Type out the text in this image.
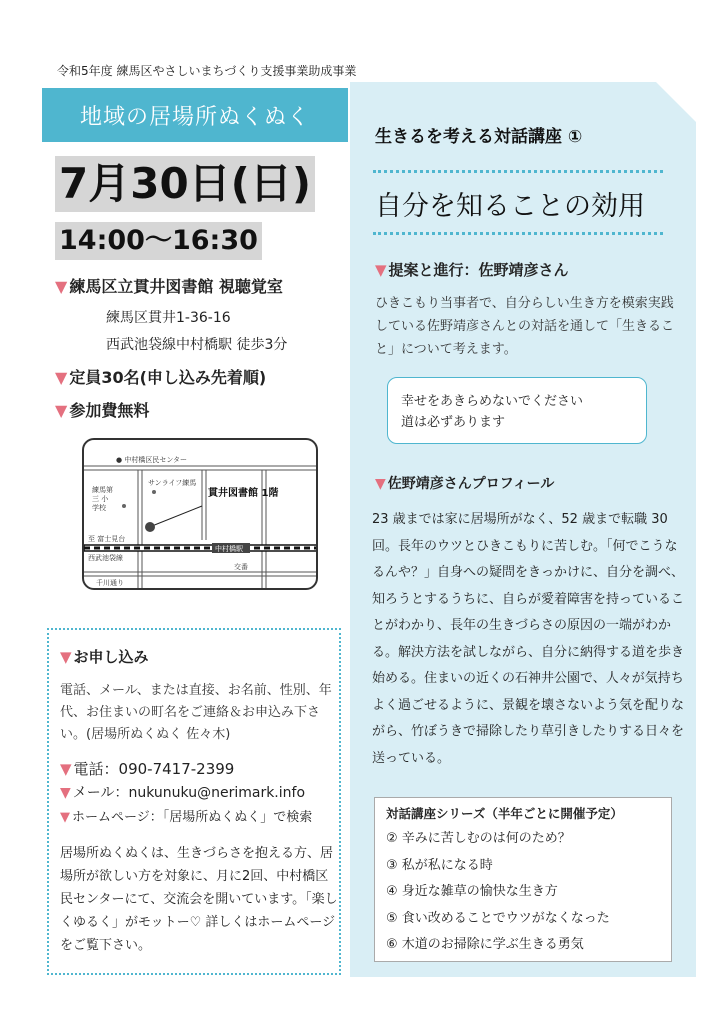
令和5年度 練馬区やさしいまちづくり支援事業助成事業
地域の居場所ぬくぬく
7月30日(日)
14:00〜16:30
▼ 練馬区立貫井図書館 視聴覚室
練馬区貫井1-36-16
西武池袋線中村橋駅 徒歩3分
▼ 定員30名(申し込み先着順)
▼ 参加費無料
● 中村橋区民センター
練馬第三 小学校
サンライフ練馬
貫井図書館 1階
至 富士見台
西武池袋線
中村橋駅
交番
千川通り
▼ お申し込み
電話、メール、または直接、お名前、性別、年代、お住まいの町名をご連絡＆お申込み下さい。(居場所ぬくぬく 佐々木)
▼ 電話：090-7417-2399
▼ メール：nukunuku@nerimark.info
▼ ホームページ：「居場所ぬくぬく」で検索
居場所ぬくぬくは、生きづらさを抱える方、居場所が欲しい方を対象に、月に2回、中村橋区民センターにて、交流会を開いています。「楽しくゆるく」がモットー♡ 詳しくはホームページをご覧下さい。
生きるを考える対話講座 ①
自分を知ることの効用
▼ 提案と進行：佐野靖彦さん
ひきこもり当事者で、自分らしい生き方を模索実践している佐野靖彦さんとの対話を通して「生きること」について考えます。
幸せをあきらめないでください
道は必ずあります
▼ 佐野靖彦さんプロフィール
23 歳までは家に居場所がなく、52 歳まで転職 30 回。長年のウツとひきこもりに苦しむ。「何でこうなるんや？」自身への疑問をきっかけに、自分を調べ、知ろうとするうちに、自らが愛着障害を持っていることがわかり、長年の生きづらさの原因の一端がわかる。解決方法を試しながら、自分に納得する道を歩き始める。住まいの近くの石神井公園で、人々が気持ちよく過ごせるように、景観を壊さないよう気を配りながら、竹ぼうきで掃除したり草引きしたりする日々を送っている。
対話講座シリーズ（半年ごとに開催予定）
② 辛みに苦しむのは何のため？
③ 私が私になる時
④ 身近な雑草の愉快な生き方
⑤ 食い改めることでウツがなくなった
⑥ 木道のお掃除に学ぶ生きる勇気
